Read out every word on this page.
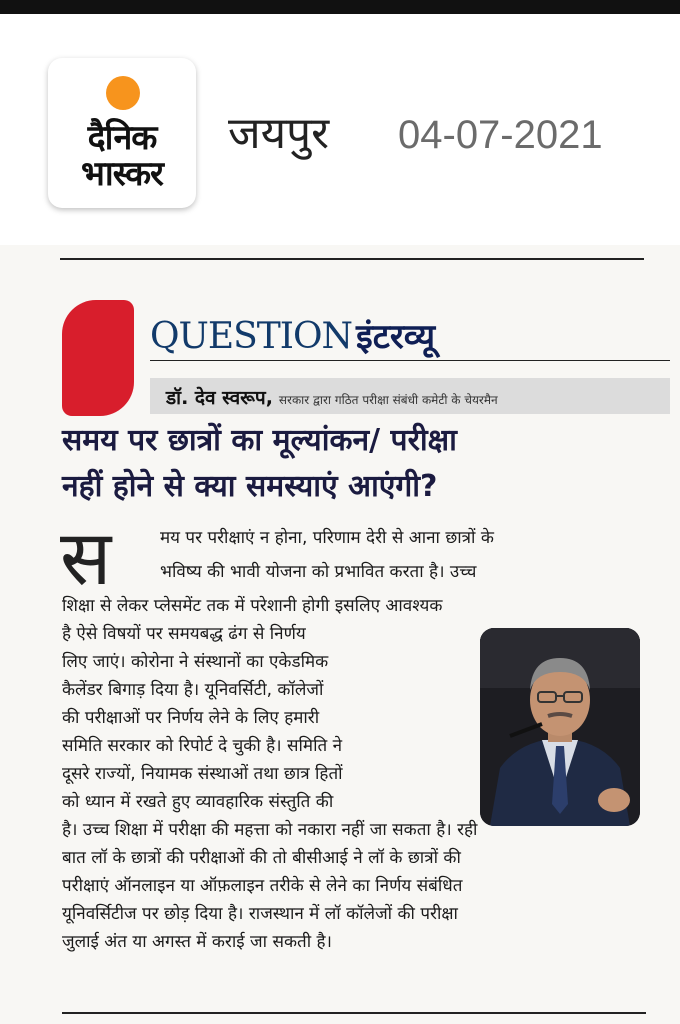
दैनिक
भास्कर
जयपुर 04-07-2021
QUESTION इंटरव्यू
डॉ. देव स्वरूप, सरकार द्वारा गठित परीक्षा संबंधी कमेटी के चेयरमैन
समय पर छात्रों का मूल्यांकन/ परीक्षा
नहीं होने से क्या समस्याएं आएंगी?
स	मय पर परीक्षाएं न होना, परिणाम देरी से आना छात्रों के
भविष्य की भावी योजना को प्रभावित करता है। उच्च
शिक्षा से लेकर प्लेसमेंट तक में परेशानी होगी इसलिए आवश्यक
है ऐसे विषयों पर समयबद्ध ढंग से निर्णय
लिए जाएं। कोरोना ने संस्थानों का एकेडमिक
कैलेंडर बिगाड़ दिया है। यूनिवर्सिटी, कॉलेजों
की परीक्षाओं पर निर्णय लेने के लिए हमारी
समिति सरकार को रिपोर्ट दे चुकी है। समिति ने
दूसरे राज्यों, नियामक संस्थाओं तथा छात्र हितों
को ध्यान में रखते हुए व्यावहारिक संस्तुति की
है। उच्च शिक्षा में परीक्षा की महत्ता को नकारा नहीं जा सकता है। रही
बात लॉ के छात्रों की परीक्षाओं की तो बीसीआई ने लॉ के छात्रों की
परीक्षाएं ऑनलाइन या ऑफ़लाइन तरीके से लेने का निर्णय संबंधित
यूनिवर्सिटीज पर छोड़ दिया है। राजस्थान में लॉ कॉलेजों की परीक्षा
जुलाई अंत या अगस्त में कराई जा सकती है।
